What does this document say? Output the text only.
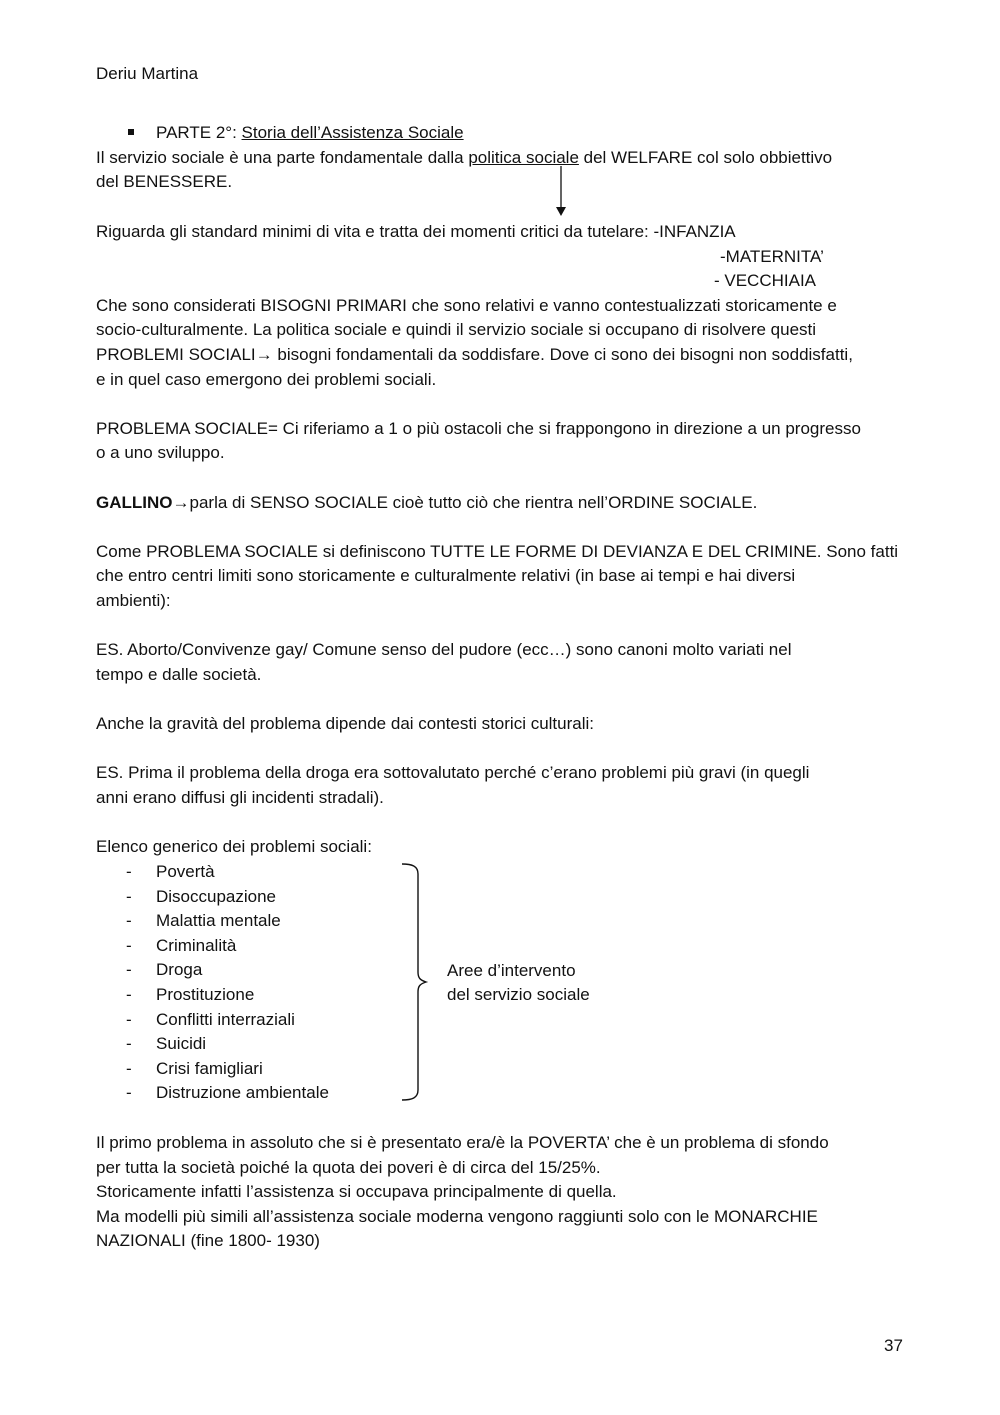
Deriu Martina
PARTE 2°: Storia dell’Assistenza Sociale
Il servizio sociale è una parte fondamentale dalla politica sociale del WELFARE col solo obbiettivo
del BENESSERE.
Riguarda gli standard minimi di vita e tratta dei momenti critici da tutelare: -INFANZIA
-MATERNITA’
- VECCHIAIA
Che sono considerati BISOGNI PRIMARI che sono relativi e vanno contestualizzati storicamente e
socio-culturalmente. La politica sociale e quindi il servizio sociale si occupano di risolvere questi
PROBLEMI SOCIALI→ bisogni fondamentali da soddisfare. Dove ci sono dei bisogni non soddisfatti,
e in quel caso emergono dei problemi sociali.
PROBLEMA SOCIALE= Ci riferiamo a 1 o più ostacoli che si frappongono in direzione a un progresso
o a uno sviluppo.
GALLINO→parla di SENSO SOCIALE cioè tutto ciò che rientra nell’ORDINE SOCIALE.
Come PROBLEMA SOCIALE si definiscono TUTTE LE FORME DI DEVIANZA E DEL CRIMINE. Sono fatti
che entro centri limiti sono storicamente e culturalmente relativi (in base ai tempi e hai diversi
ambienti):
ES. Aborto/Convivenze gay/ Comune senso del pudore (ecc…) sono canoni molto variati nel
tempo e dalle società.
Anche la gravità del problema dipende dai contesti storici culturali:
ES. Prima il problema della droga era sottovalutato perché c’erano problemi più gravi (in quegli
anni erano diffusi gli incidenti stradali).
Elenco generico dei problemi sociali:
- Povertà
- Disoccupazione
- Malattia mentale
- Criminalità
- Droga
- Prostituzione
- Conflitti interraziali
- Suicidi
- Crisi famigliari
- Distruzione ambientale
Aree d’intervento
del servizio sociale
Il primo problema in assoluto che si è presentato era/è la POVERTA’ che è un problema di sfondo
per tutta la società poiché la quota dei poveri è di circa del 15/25%.
Storicamente infatti l’assistenza si occupava principalmente di quella.
Ma modelli più simili all’assistenza sociale moderna vengono raggiunti solo con le MONARCHIE
NAZIONALI (fine 1800- 1930)
37
